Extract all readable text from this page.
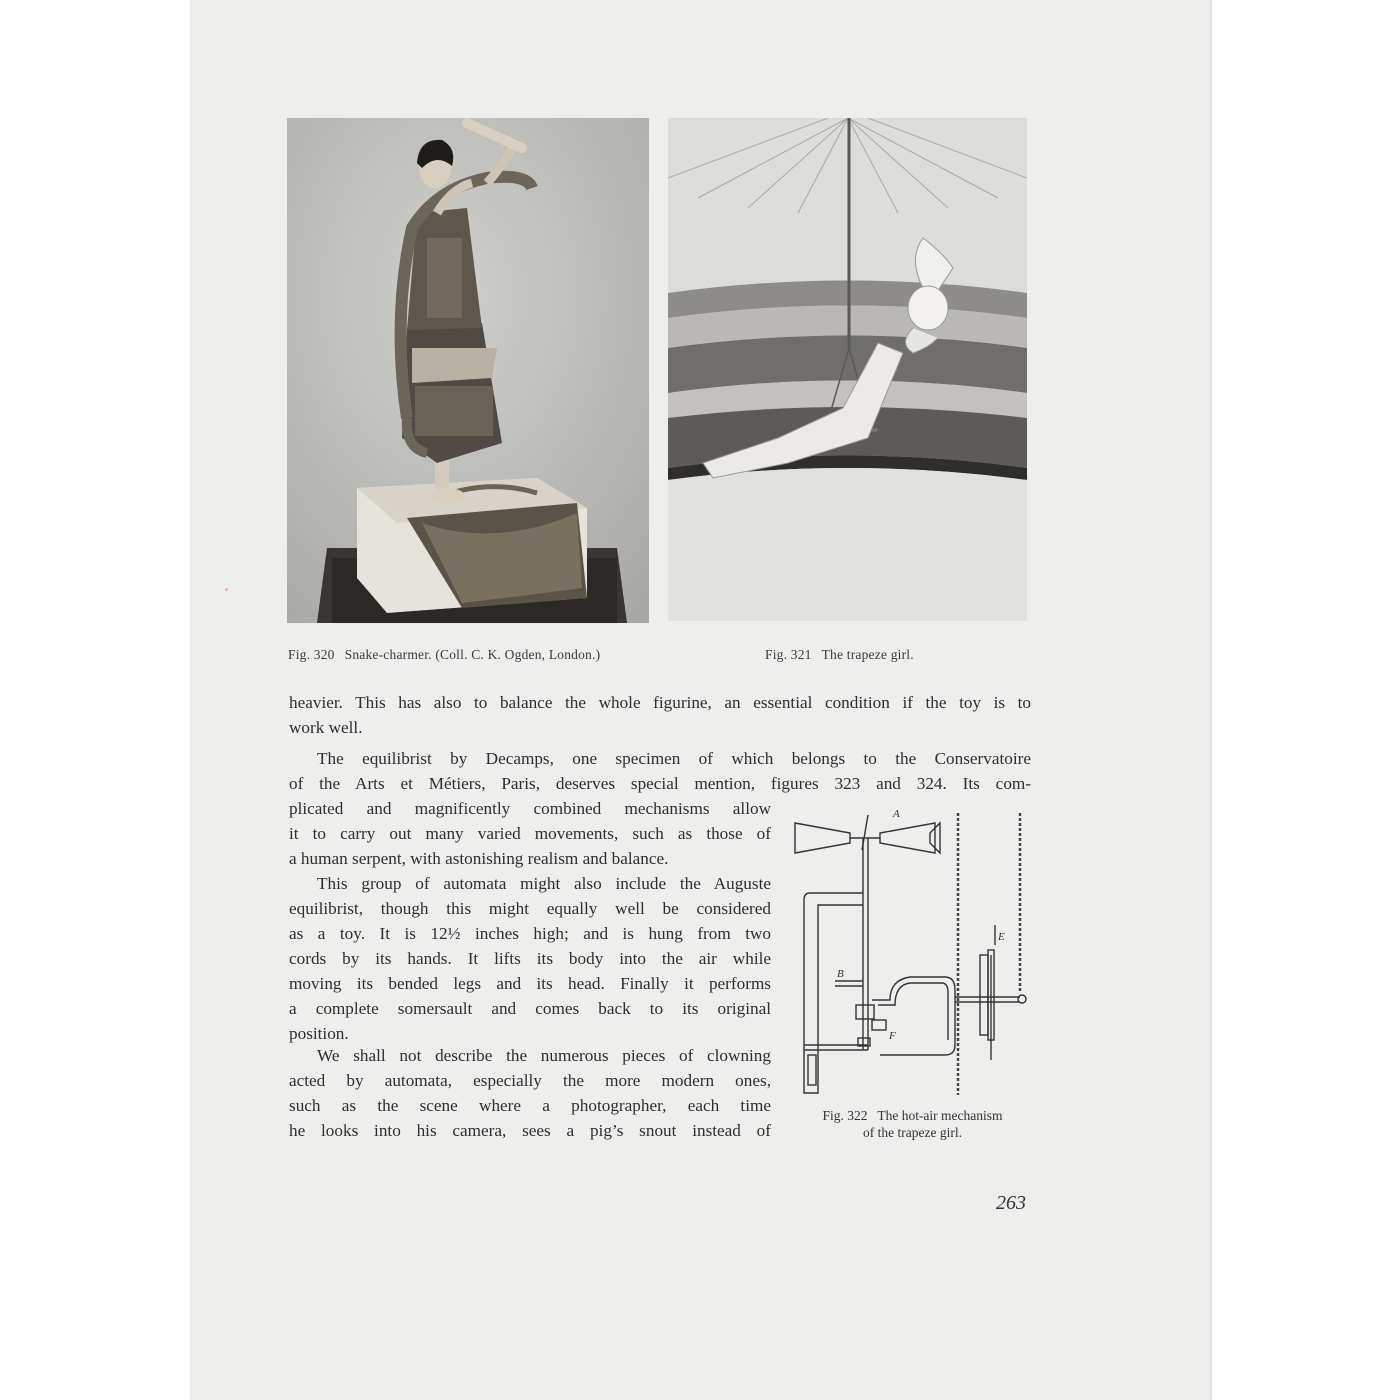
Fig. 320 Snake-charmer. (Coll. C. K. Ogden, London.)	Fig. 321 The trapeze girl.
heavier. This has also to balance the whole figurine, an essential condition if the toy is to
work well.
The equilibrist by Decamps, one specimen of which belongs to the Conservatoire
of the Arts et Métiers, Paris, deserves special mention, figures 323 and 324. Its com-
plicated and magnificently combined mechanisms allow
it to carry out many varied movements, such as those of
a human serpent, with astonishing realism and balance.
This group of automata might also include the Auguste
equilibrist, though this might equally well be considered
as a toy. It is 12½ inches high; and is hung from two
cords by its hands. It lifts its body into the air while
moving its bended legs and its head. Finally it performs
a complete somersault and comes back to its original
position.
We shall not describe the numerous pieces of clowning
acted by automata, especially the more modern ones,
such as the scene where a photographer, each time
he looks into his camera, sees a pig’s snout instead of
A
B
E
F
Fig. 322   The hot-air mechanism
of the trapeze girl.
263
